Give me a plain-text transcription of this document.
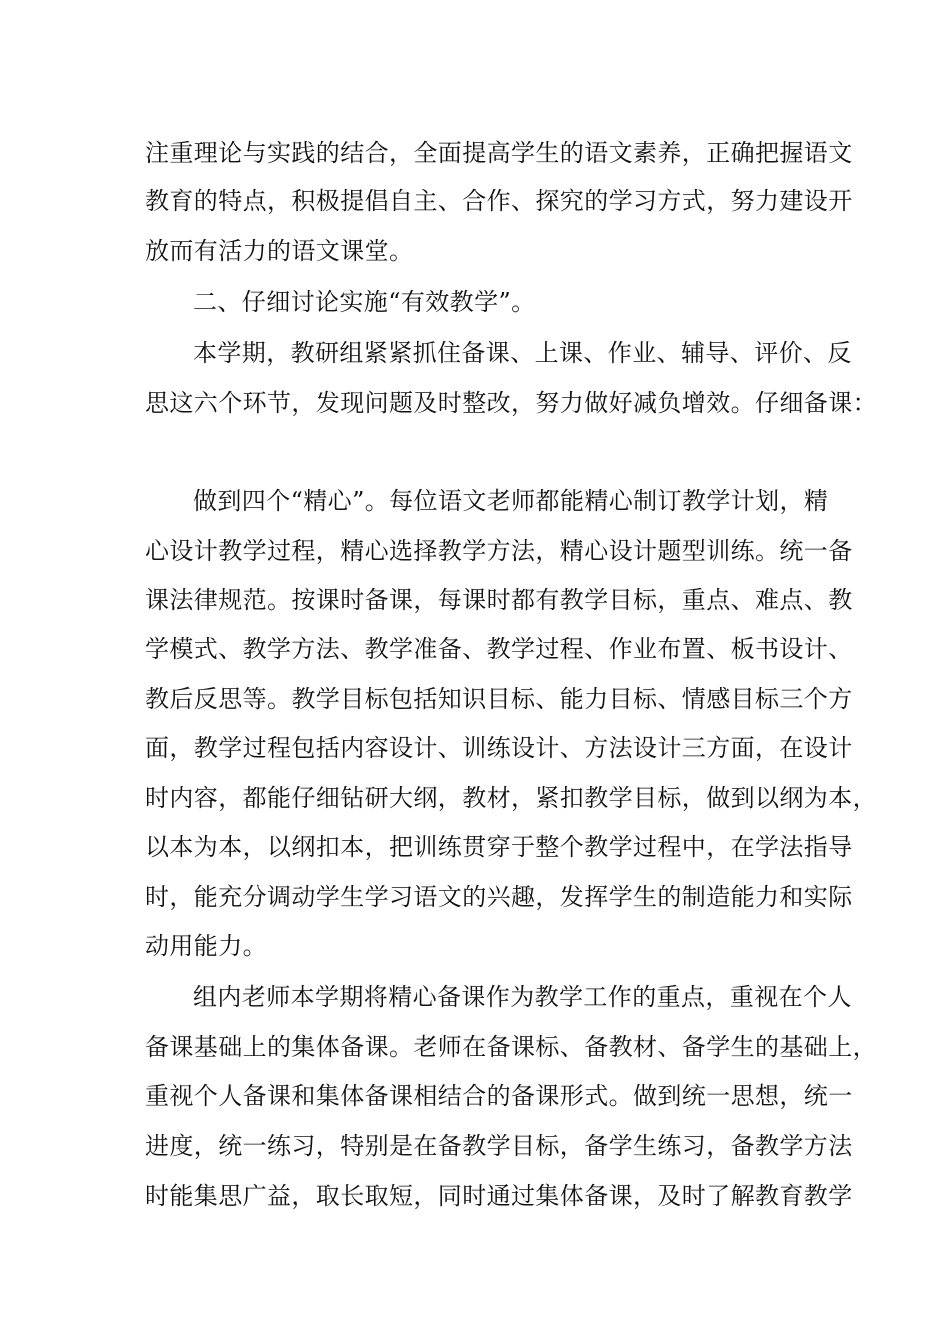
注重理论与实践的结合，全面提高学生的语文素养，正确把握语文
教育的特点，积极提倡自主、合作、探究的学习方式，努力建设开
放而有活力的语文课堂。
二、仔细讨论实施“有效教学”。
本学期，教研组紧紧抓住备课、上课、作业、辅导、评价、反
思这六个环节，发现问题及时整改，努力做好减负增效。仔细备课：
做到四个“精心”。每位语文老师都能精心制订教学计划，精
心设计教学过程，精心选择教学方法，精心设计题型训练。统一备
课法律规范。按课时备课，每课时都有教学目标，重点、难点、教
学模式、教学方法、教学准备、教学过程、作业布置、板书设计、
教后反思等。教学目标包括知识目标、能力目标、情感目标三个方
面，教学过程包括内容设计、训练设计、方法设计三方面，在设计
时内容，都能仔细钻研大纲，教材，紧扣教学目标，做到以纲为本，
以本为本，以纲扣本，把训练贯穿于整个教学过程中，在学法指导
时，能充分调动学生学习语文的兴趣，发挥学生的制造能力和实际
动用能力。
组内老师本学期将精心备课作为教学工作的重点，重视在个人
备课基础上的集体备课。老师在备课标、备教材、备学生的基础上，
重视个人备课和集体备课相结合的备课形式。做到统一思想，统一
进度，统一练习，特别是在备教学目标，备学生练习，备教学方法
时能集思广益，取长取短，同时通过集体备课，及时了解教育教学
